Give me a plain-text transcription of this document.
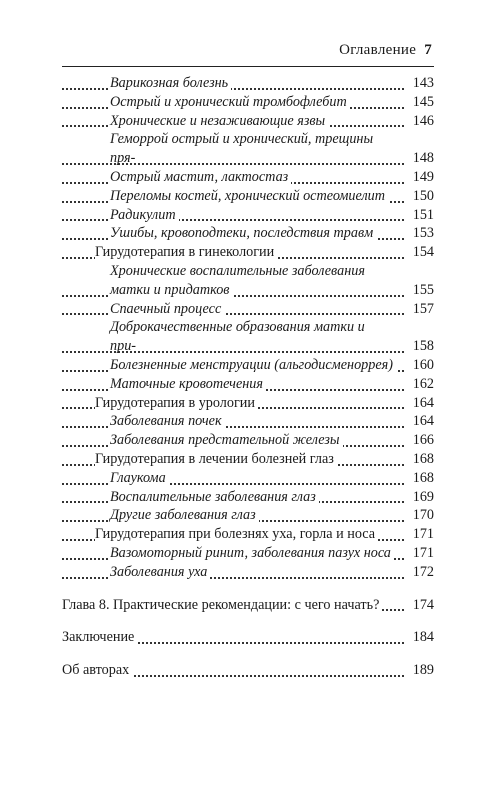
Оглавление 7
Варикозная болезнь	143
Острый и хронический тромбофлебит	145
Хронические и незаживающие язвы	146
Геморрой острый и хронический, трещины пря-	148
Острый мастит, лактостаз	149
Переломы костей, хронический остеомиелит 150
Радикулит	151
Ушибы, кровоподтеки, последствия травм	153
Гирудотерапия в гинекологии	154
Хронические воспалительные заболевания
матки и придатков	155
Спаечный процесс	157
Доброкачественные образования матки и при-	158
Болезненные менструации (альгодисменоррея) 160
Маточные кровотечения	162
Гирудотерапия в урологии	164
Заболевания почек	164
Заболевания предстательной железы	166
Гирудотерапия в лечении болезней глаз	168
Глаукома	168
Воспалительные заболевания глаз	169
Другие заболевания глаз	170
Гирудотерапия при болезнях уха, горла и носа	171
Вазомоторный ринит, заболевания пазух носа 171
Заболевания уха	172
Глава 8. Практические рекомендации: с чего начать? 174
Заключение	184
Об авторах	189
